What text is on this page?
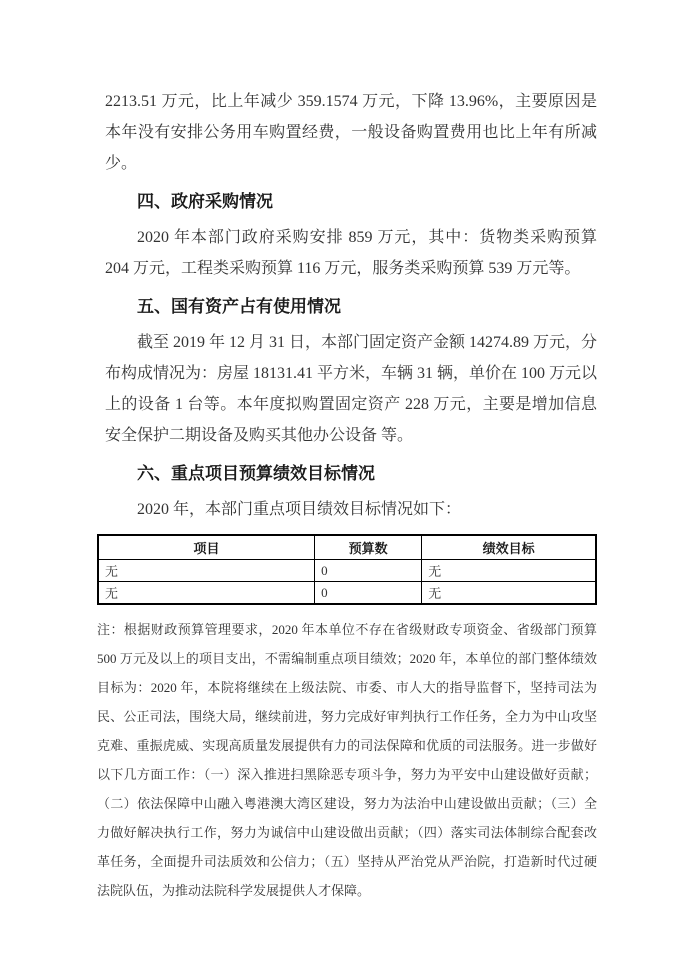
2213.51 万元，比上年减少 359.1574 万元，下降 13.96%，主要原因是本年没有安排公务用车购置经费，一般设备购置费用也比上年有所减少。

四、政府采购情况

2020 年本部门政府采购安排 859 万元，其中：货物类采购预算 204 万元，工程类采购预算 116 万元，服务类采购预算 539 万元等。

五、国有资产占有使用情况

截至 2019 年 12 月 31 日，本部门固定资产金额 14274.89 万元，分布构成情况为：房屋 18131.41 平方米，车辆 31 辆，单价在 100 万元以上的设备 1 台等。本年度拟购置固定资产 228 万元，主要是增加信息安全保护二期设备及购买其他办公设备 等。

六、重点项目预算绩效目标情况

2020 年，本部门重点项目绩效目标情况如下：

项目	预算数	绩效目标
无	0	无
无	0	无

注：根据财政预算管理要求，2020 年本单位不存在省级财政专项资金、省级部门预算 500 万元及以上的项目支出，不需编制重点项目绩效；2020 年，本单位的部门整体绩效目标为：2020 年，本院将继续在上级法院、市委、市人大的指导监督下，坚持司法为民、公正司法，围绕大局，继续前进，努力完成好审判执行工作任务，全力为中山攻坚克难、重振虎威、实现高质量发展提供有力的司法保障和优质的司法服务。进一步做好以下几方面工作：（一）深入推进扫黑除恶专项斗争，努力为平安中山建设做好贡献；（二）依法保障中山融入粤港澳大湾区建设，努力为法治中山建设做出贡献；（三）全力做好解决执行工作，努力为诚信中山建设做出贡献；（四）落实司法体制综合配套改革任务，全面提升司法质效和公信力；（五）坚持从严治党从严治院，打造新时代过硬法院队伍，为推动法院科学发展提供人才保障。
